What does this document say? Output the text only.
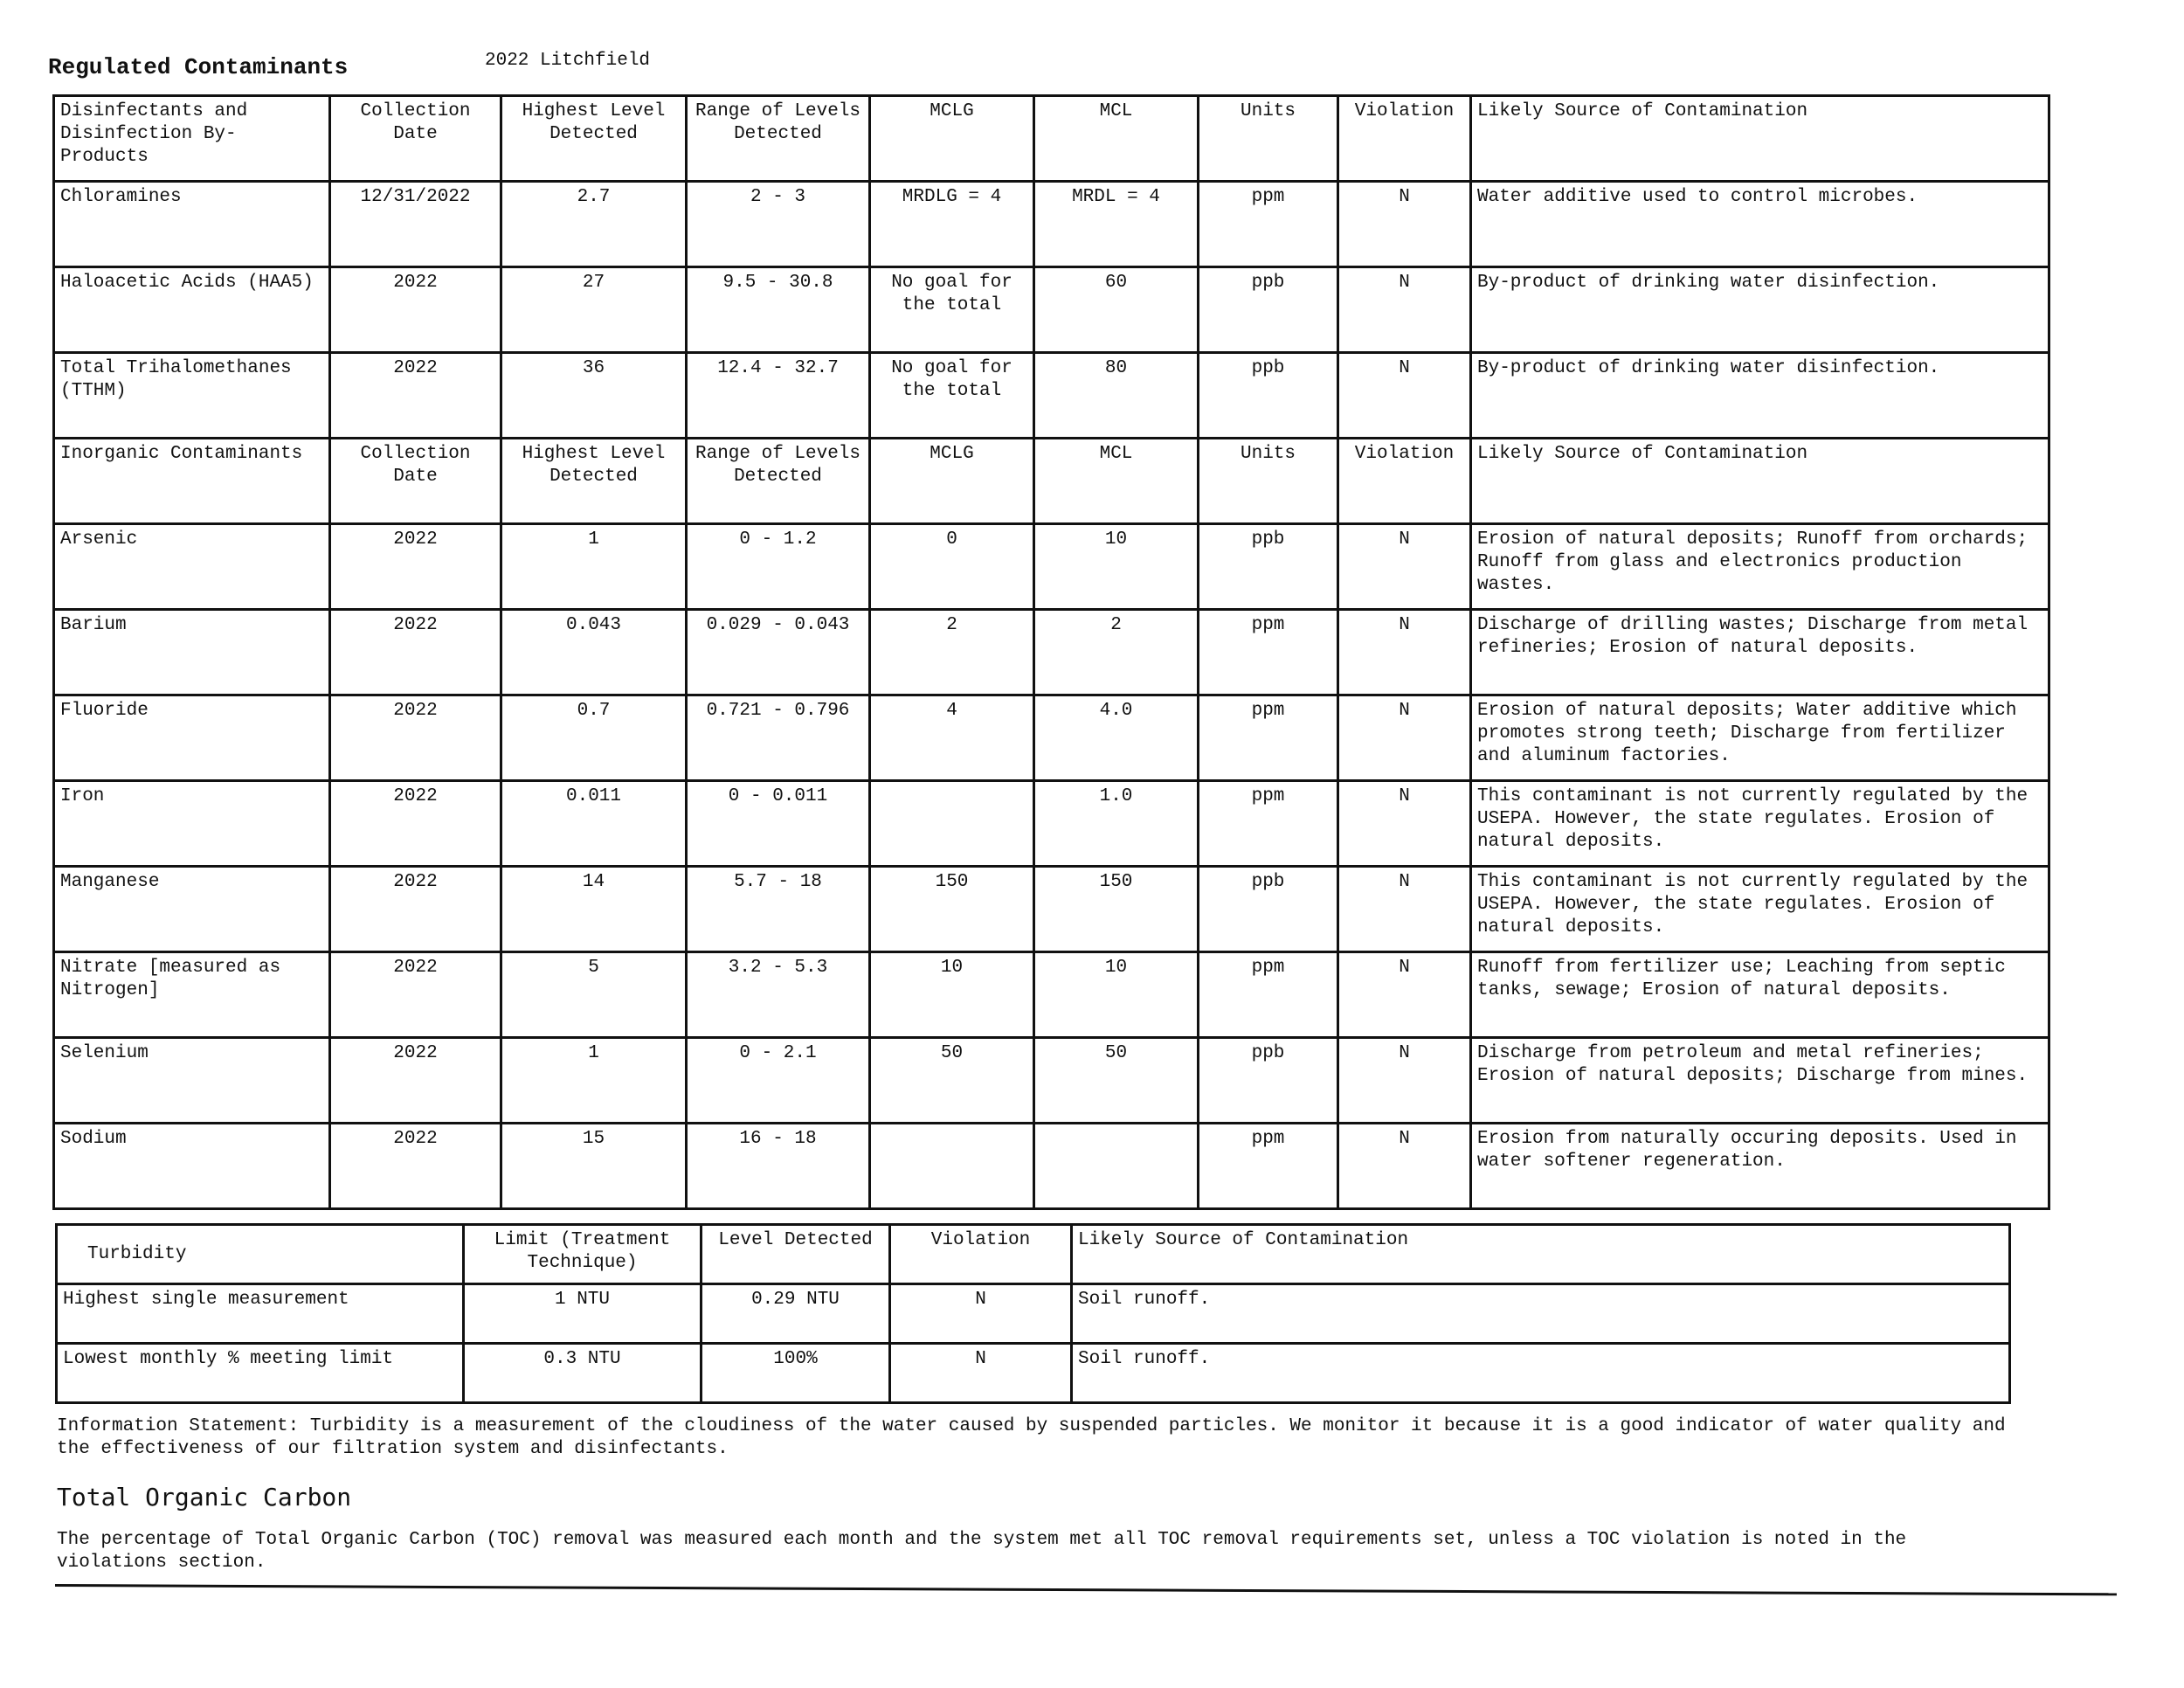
Regulated Contaminants	2022 Litchfield
Disinfectants and Disinfection By-Products	Collection Date	Highest Level Detected	Range of Levels Detected	MCLG	MCL	Units	Violation	Likely Source of Contamination
Chloramines	12/31/2022	2.7	2 - 3	MRDLG = 4	MRDL = 4	ppm	N	Water additive used to control microbes.
Haloacetic Acids (HAA5)	2022	27	9.5 - 30.8	No goal for the total	60	ppb	N	By-product of drinking water disinfection.
Total Trihalomethanes (TTHM)	2022	36	12.4 - 32.7	No goal for the total	80	ppb	N	By-product of drinking water disinfection.
Inorganic Contaminants	Collection Date	Highest Level Detected	Range of Levels Detected	MCLG	MCL	Units	Violation	Likely Source of Contamination
Arsenic	2022	1	0 - 1.2	0	10	ppb	N	Erosion of natural deposits; Runoff from orchards; Runoff from glass and electronics production wastes.
Barium	2022	0.043	0.029 - 0.043	2	2	ppm	N	Discharge of drilling wastes; Discharge from metal refineries; Erosion of natural deposits.
Fluoride	2022	0.7	0.721 - 0.796	4	4.0	ppm	N	Erosion of natural deposits; Water additive which promotes strong teeth; Discharge from fertilizer and aluminum factories.
Iron	2022	0.011	0 - 0.011		1.0	ppm	N	This contaminant is not currently regulated by the USEPA. However, the state regulates. Erosion of natural deposits.
Manganese	2022	14	5.7 - 18	150	150	ppb	N	This contaminant is not currently regulated by the USEPA. However, the state regulates. Erosion of natural deposits.
Nitrate [measured as Nitrogen]	2022	5	3.2 - 5.3	10	10	ppm	N	Runoff from fertilizer use; Leaching from septic tanks, sewage; Erosion of natural deposits.
Selenium	2022	1	0 - 2.1	50	50	ppb	N	Discharge from petroleum and metal refineries; Erosion of natural deposits; Discharge from mines.
Sodium	2022	15	16 - 18			ppm	N	Erosion from naturally occuring deposits. Used in water softener regeneration.
Turbidity	Limit (Treatment Technique)	Level Detected	Violation	Likely Source of Contamination
Highest single measurement	1 NTU	0.29 NTU	N	Soil runoff.
Lowest monthly % meeting limit	0.3 NTU	100%	N	Soil runoff.
Information Statement: Turbidity is a measurement of the cloudiness of the water caused by suspended particles. We monitor it because it is a good indicator of water quality and the effectiveness of our filtration system and disinfectants.
Total Organic Carbon
The percentage of Total Organic Carbon (TOC) removal was measured each month and the system met all TOC removal requirements set, unless a TOC violation is noted in the violations section.
